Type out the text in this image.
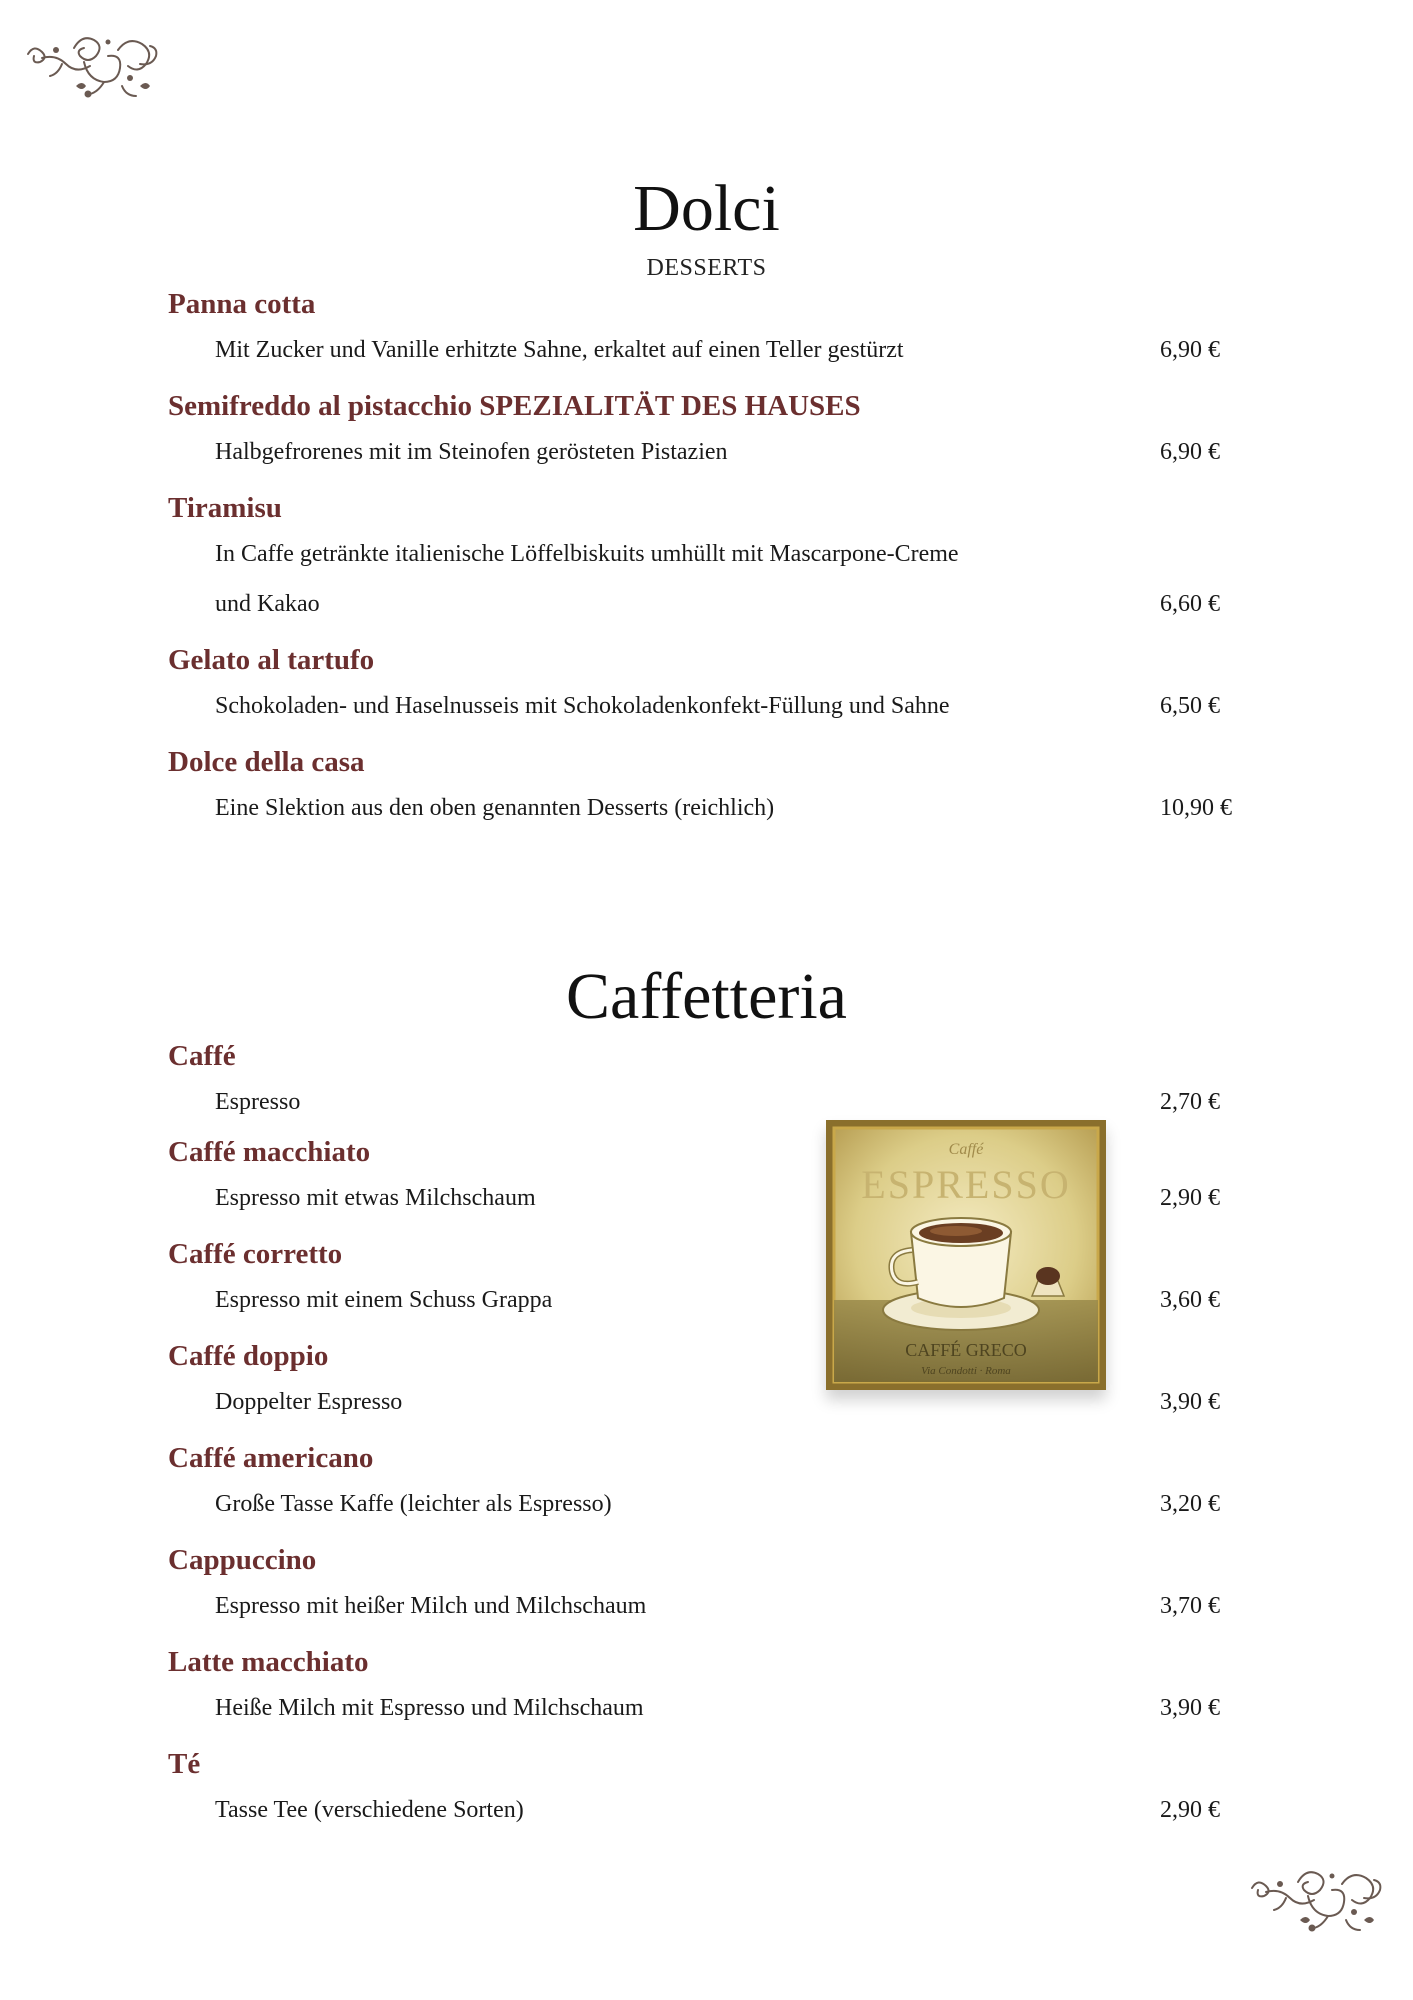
Dolci
DESSERTS
Panna cotta
Mit Zucker und Vanille erhitzte Sahne, erkaltet auf einen Teller gestürzt	6,90 €
Semifreddo al pistacchio SPEZIALITÄT DES HAUSES
Halbgefrorenes mit im Steinofen gerösteten Pistazien	6,90 €
Tiramisu
In Caffe getränkte italienische Löffelbiskuits umhüllt mit Mascarpone-Creme
und Kakao	6,60 €
Gelato al tartufo
Schokoladen- und Haselnusseis mit Schokoladenkonfekt-Füllung und Sahne	6,50 €
Dolce della casa
Eine Slektion aus den oben genannten Desserts (reichlich)	10,90 €
Caffetteria
Caffé
Espresso	2,70 €
Caffé macchiato
Espresso mit etwas Milchschaum	2,90 €
Caffé corretto
Espresso mit einem Schuss Grappa	3,60 €
Caffé doppio
Doppelter Espresso	3,90 €
Caffé americano
Große Tasse Kaffe (leichter als Espresso)	3,20 €
Cappuccino
Espresso mit heißer Milch und Milchschaum	3,70 €
Latte macchiato
Heiße Milch mit Espresso und Milchschaum	3,90 €
Té
Tasse Tee (verschiedene Sorten)	2,90 €
Caffé
ESPRESSO
CAFFÉ GRECO
Via Condotti · Roma
